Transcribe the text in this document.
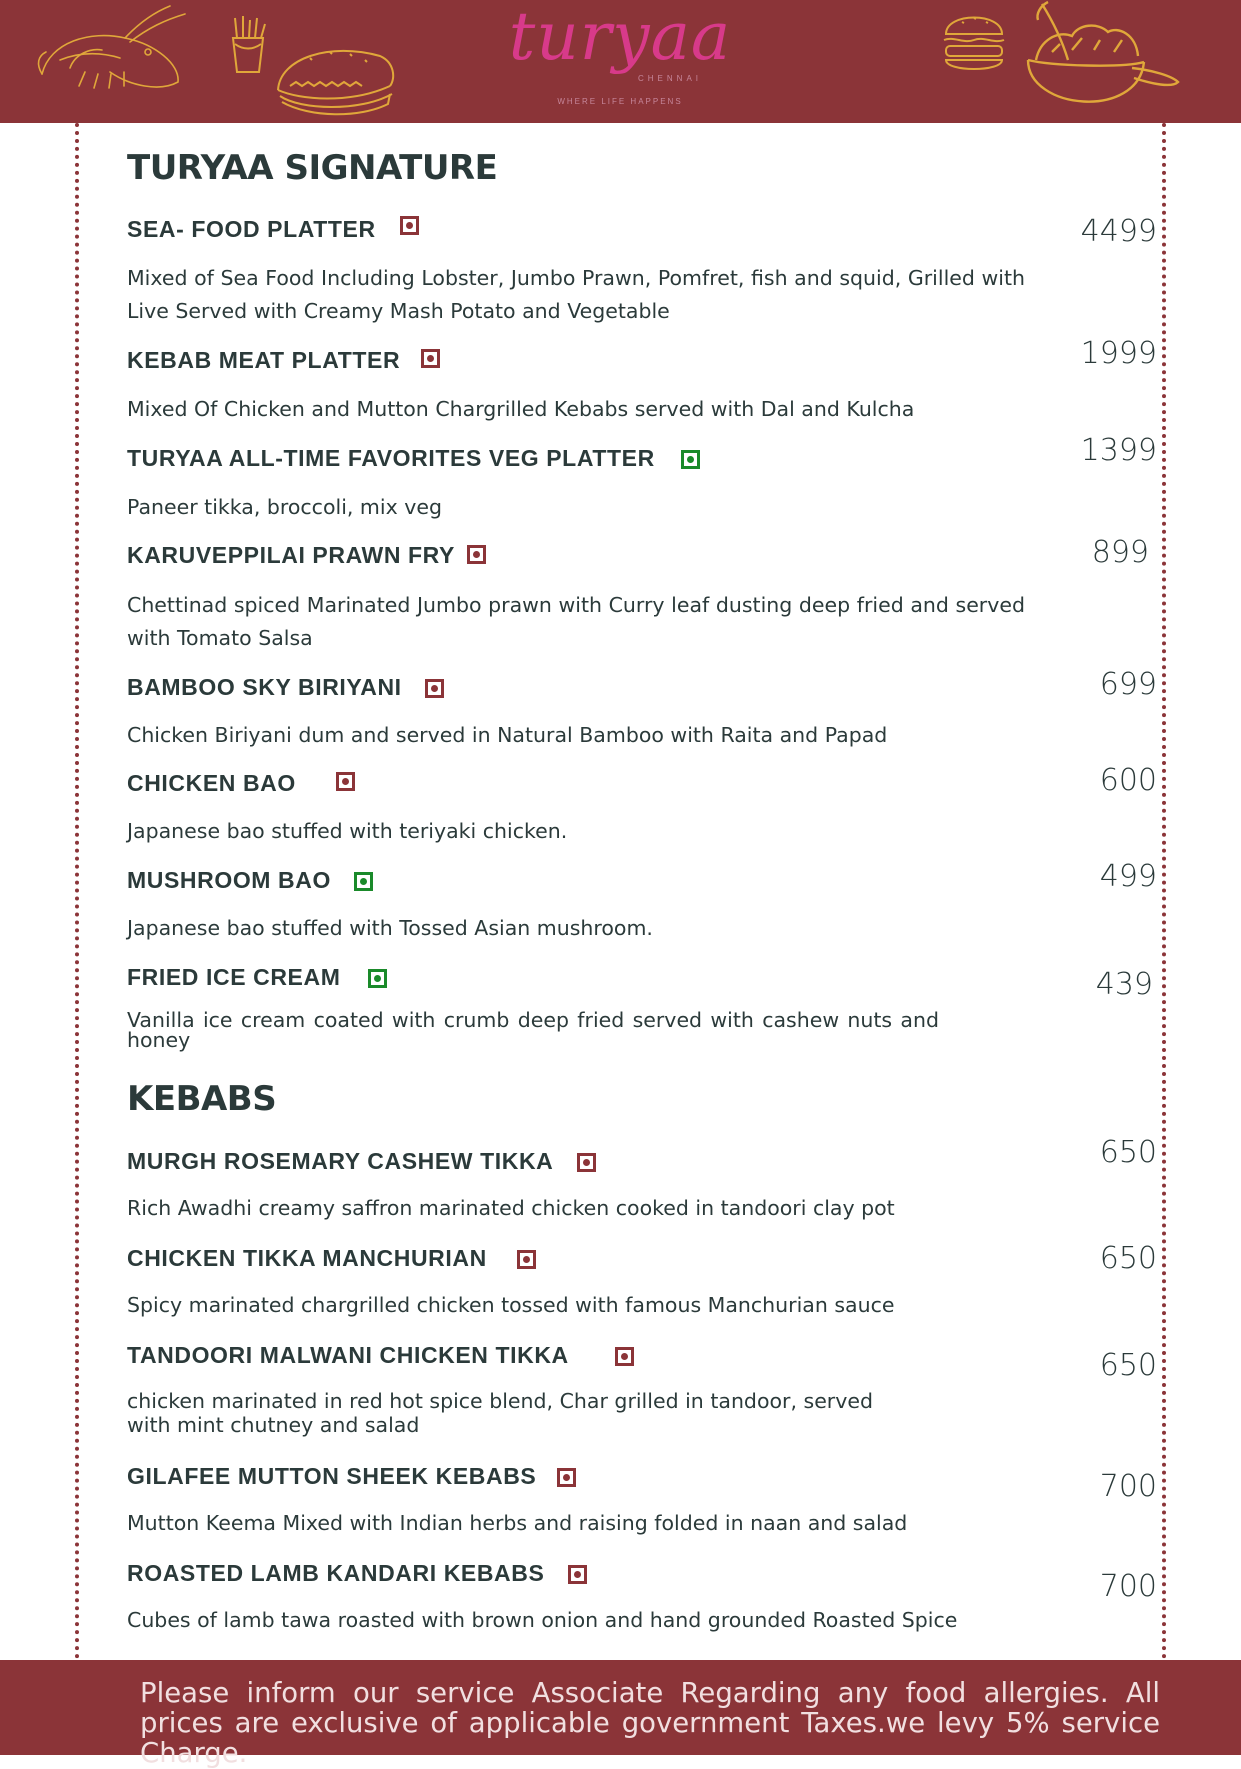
turyaa
CHENNAI
WHERE LIFE HAPPENS
TURYAA SIGNATURE
SEA- FOOD PLATTER	4499
Mixed of Sea Food Including Lobster, Jumbo Prawn, Pomfret, fish and squid, Grilled with Live Served with Creamy Mash Potato and Vegetable
KEBAB MEAT PLATTER	1999
Mixed Of Chicken and Mutton Chargrilled Kebabs served with Dal and Kulcha
TURYAA ALL-TIME FAVORITES VEG PLATTER	1399
Paneer tikka, broccoli, mix veg
KARUVEPPILAI PRAWN FRY	899
Chettinad spiced Marinated Jumbo prawn with Curry leaf dusting deep fried and served with Tomato Salsa
BAMBOO SKY BIRIYANI	699
Chicken Biriyani dum and served in Natural Bamboo with Raita and Papad
CHICKEN BAO	600
Japanese bao stuffed with teriyaki chicken.
MUSHROOM BAO	499
Japanese bao stuffed with Tossed Asian mushroom.
FRIED ICE CREAM	439
Vanilla ice cream coated with crumb deep fried served with cashew nuts and honey
KEBABS
MURGH ROSEMARY CASHEW TIKKA	650
Rich Awadhi creamy saffron marinated chicken cooked in tandoori clay pot
CHICKEN TIKKA MANCHURIAN	650
Spicy marinated chargrilled chicken tossed with famous Manchurian sauce
TANDOORI MALWANI CHICKEN TIKKA	650
chicken marinated in red hot spice blend, Char grilled in tandoor, served with mint chutney and salad
GILAFEE MUTTON SHEEK KEBABS	700
Mutton Keema Mixed with Indian herbs and raising folded in naan and salad
ROASTED LAMB KANDARI KEBABS	700
Cubes of lamb tawa roasted with brown onion and hand grounded Roasted Spice
Please inform our service Associate Regarding any food allergies. All prices are exclusive of applicable government Taxes.we levy 5% service Charge.
